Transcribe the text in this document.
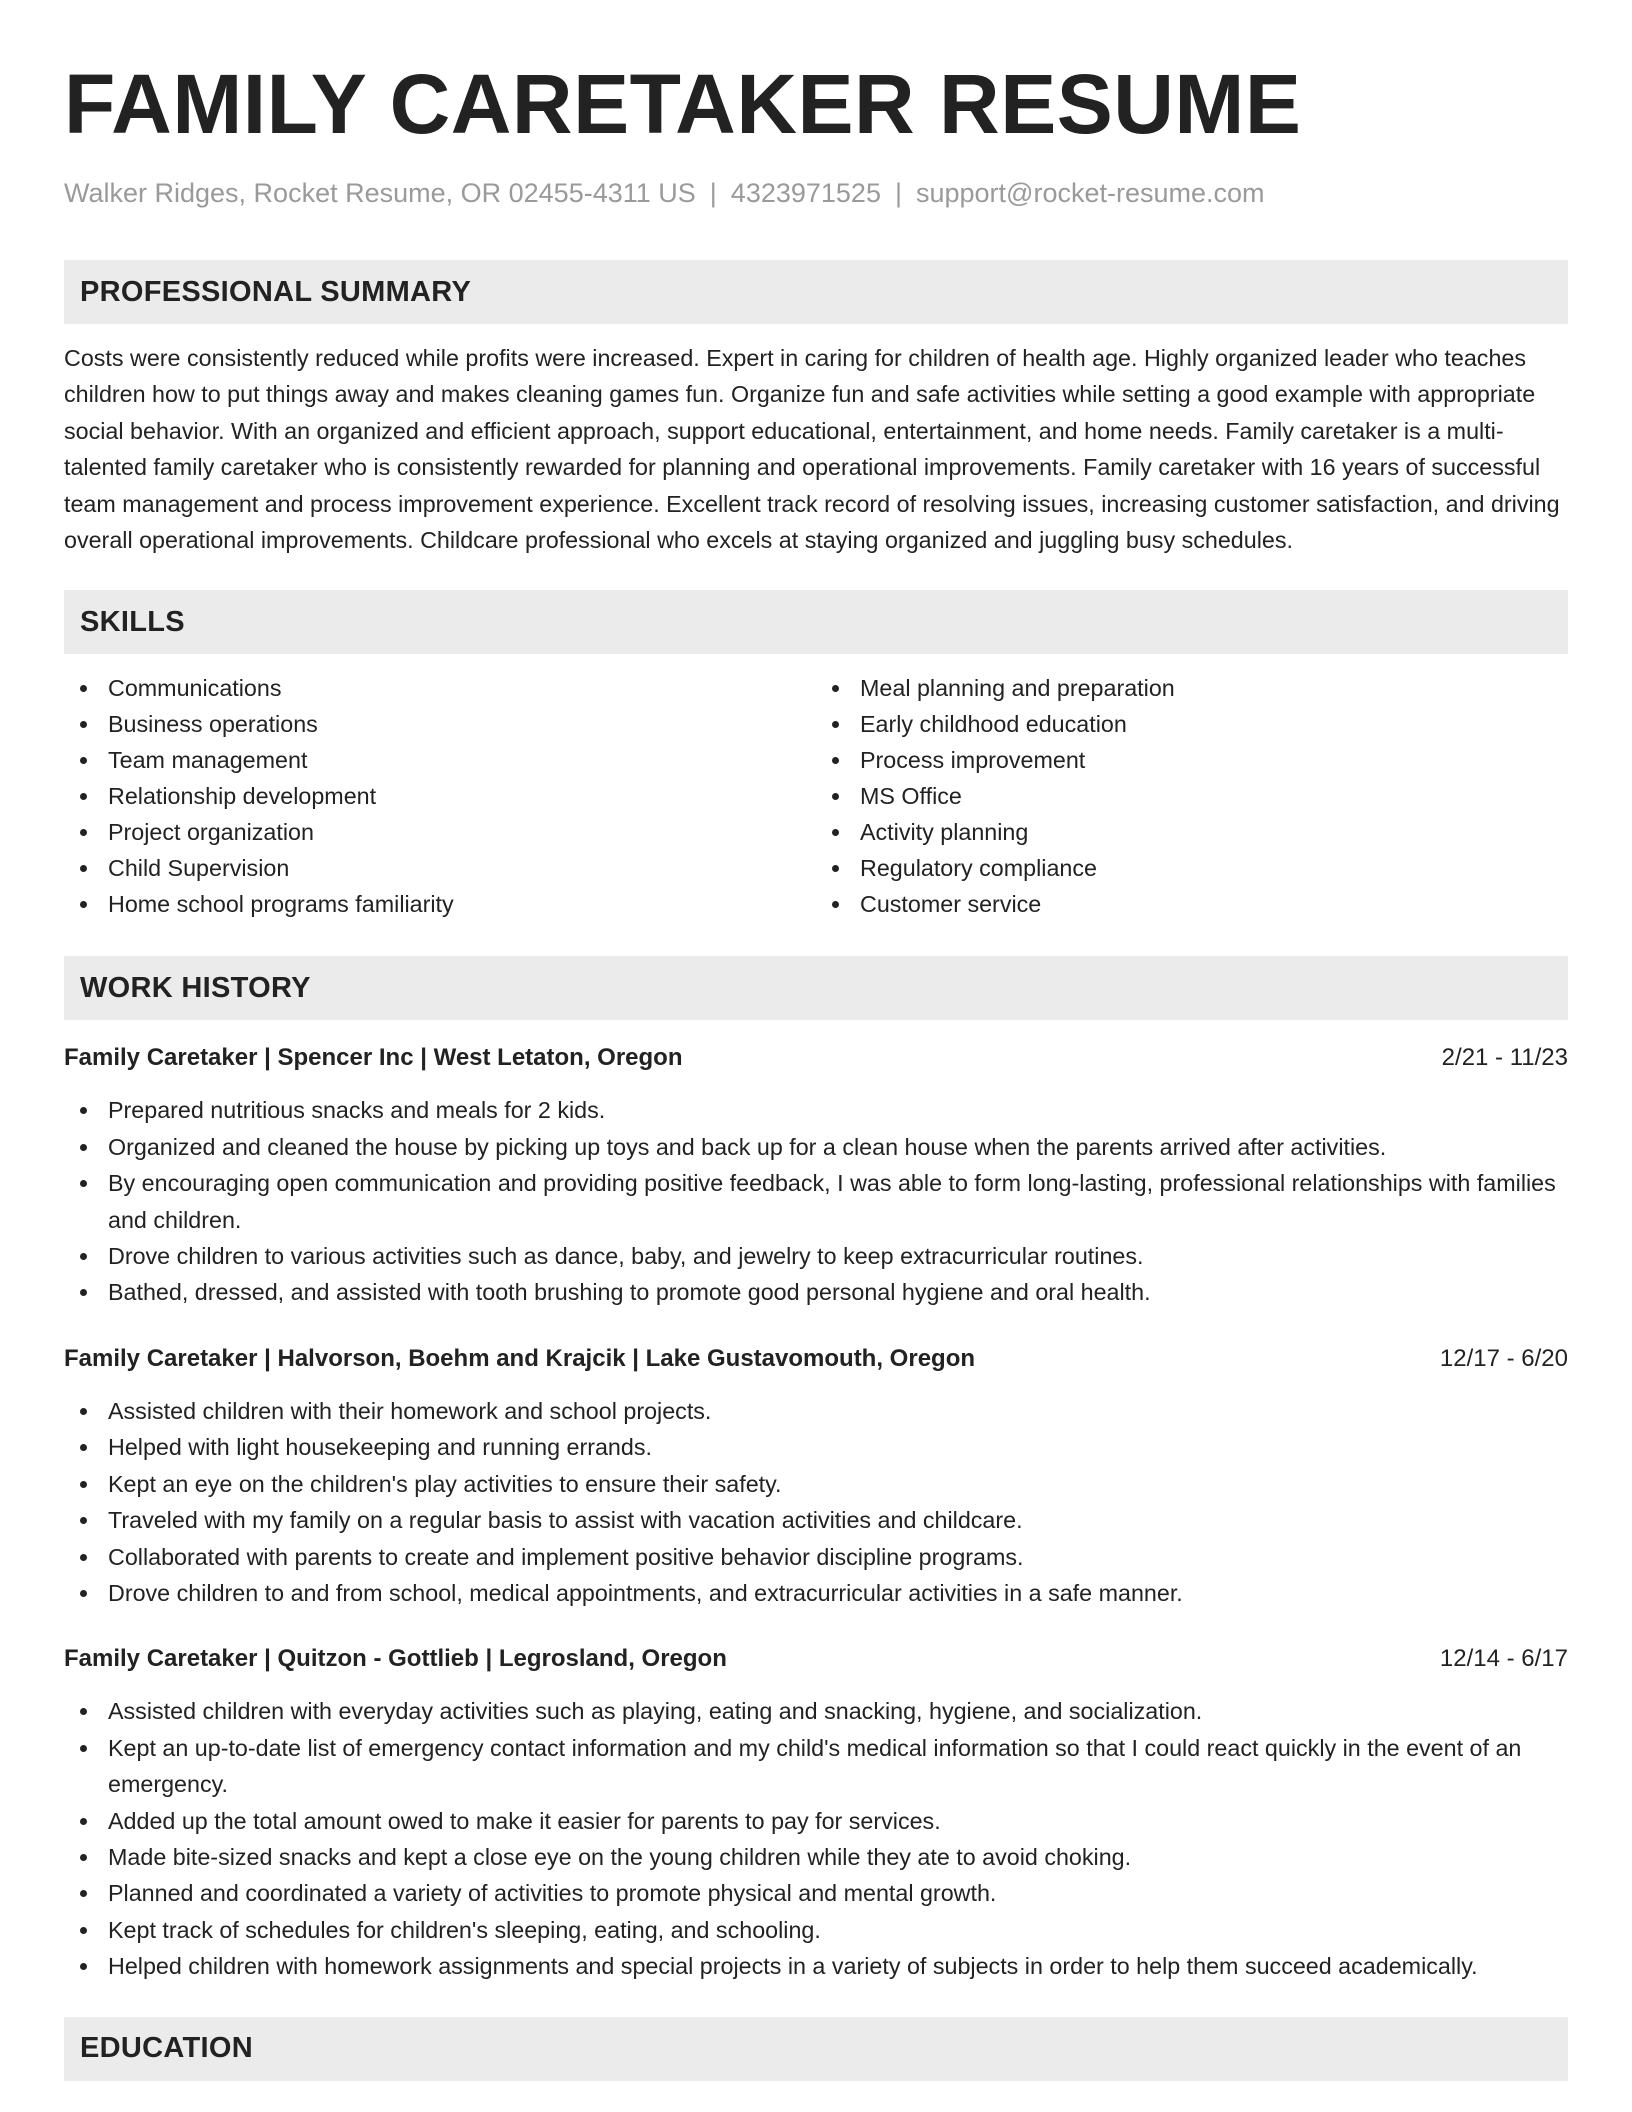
FAMILY CARETAKER RESUME
Walker Ridges, Rocket Resume, OR 02455-4311 US | 4323971525 | support@rocket-resume.com
PROFESSIONAL SUMMARY

Costs were consistently reduced while profits were increased. Expert in caring for children of health age. Highly organized leader who teaches children how to put things away and makes cleaning games fun. Organize fun and safe activities while setting a good example with appropriate social behavior. With an organized and efficient approach, support educational, entertainment, and home needs. Family caretaker is a multi-talented family caretaker who is consistently rewarded for planning and operational improvements. Family caretaker with 16 years of successful team management and process improvement experience. Excellent track record of resolving issues, increasing customer satisfaction, and driving overall operational improvements. Childcare professional who excels at staying organized and juggling busy schedules.

SKILLS
Communications
Business operations
Team management
Relationship development
Project organization
Child Supervision
Home school programs familiarity
Meal planning and preparation
Early childhood education
Process improvement
MS Office
Activity planning
Regulatory compliance
Customer service
WORK HISTORY
Family Caretaker | Spencer Inc | West Letaton, Oregon	2/21 - 11/23
Prepared nutritious snacks and meals for 2 kids.
Organized and cleaned the house by picking up toys and back up for a clean house when the parents arrived after activities.
By encouraging open communication and providing positive feedback, I was able to form long-lasting, professional relationships with families and children.
Drove children to various activities such as dance, baby, and jewelry to keep extracurricular routines.
Bathed, dressed, and assisted with tooth brushing to promote good personal hygiene and oral health.
Family Caretaker | Halvorson, Boehm and Krajcik | Lake Gustavomouth, Oregon	12/17 - 6/20
Assisted children with their homework and school projects.
Helped with light housekeeping and running errands.
Kept an eye on the children's play activities to ensure their safety.
Traveled with my family on a regular basis to assist with vacation activities and childcare.
Collaborated with parents to create and implement positive behavior discipline programs.
Drove children to and from school, medical appointments, and extracurricular activities in a safe manner.
Family Caretaker | Quitzon - Gottlieb | Legrosland, Oregon	12/14 - 6/17
Assisted children with everyday activities such as playing, eating and snacking, hygiene, and socialization.
Kept an up-to-date list of emergency contact information and my child's medical information so that I could react quickly in the event of an emergency.
Added up the total amount owed to make it easier for parents to pay for services.
Made bite-sized snacks and kept a close eye on the young children while they ate to avoid choking.
Planned and coordinated a variety of activities to promote physical and mental growth.
Kept track of schedules for children's sleeping, eating, and schooling.
Helped children with homework assignments and special projects in a variety of subjects in order to help them succeed academically.
EDUCATION
